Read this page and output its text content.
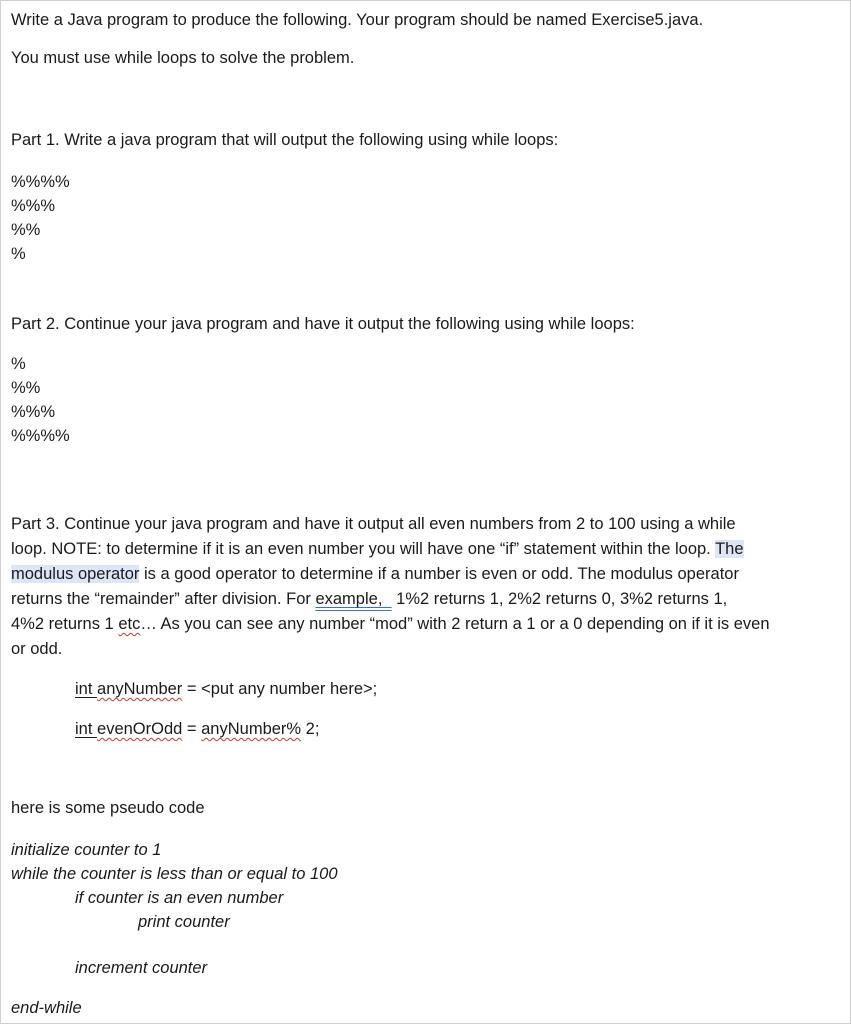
Write a Java program to produce the following. Your program should be named Exercise5.java.
You must use while loops to solve the problem.
Part 1. Write a java program that will output the following using while loops:
%%%%
%%%
%%
%
Part 2. Continue your java program and have it output the following using while loops:
%
%%
%%%
%%%%
Part 3. Continue your java program and have it output all even numbers from 2 to 100 using a while
loop. NOTE: to determine if it is an even number you will have one “if” statement within the loop. The
modulus operator is a good operator to determine if a number is even or odd. The modulus operator
returns the “remainder” after division. For example,   1%2 returns 1, 2%2 returns 0, 3%2 returns 1,
4%2 returns 1 etc… As you can see any number “mod” with 2 return a 1 or a 0 depending on if it is even
or odd.
int anyNumber = <put any number here>;
int evenOrOdd = anyNumber% 2;
here is some pseudo code
initialize counter to 1
while the counter is less than or equal to 100
if counter is an even number
print counter
increment counter
end-while
